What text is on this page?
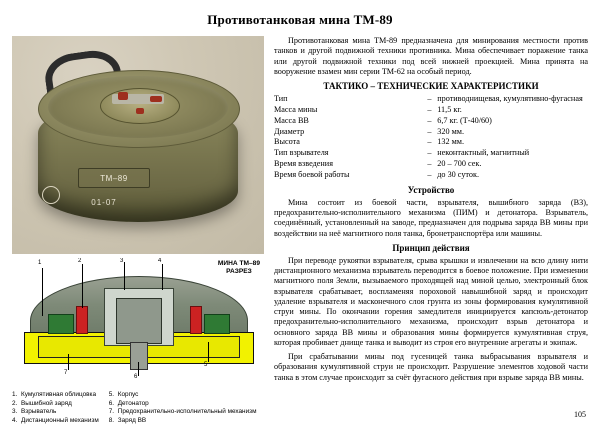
Противотанковая мина ТМ-89
ТМ–89
01-07
МИНА ТМ–89
РАЗРЕЗ
1	2	3	4
5
6
7
1. Кумулятивная облицовка
2. Вышибной заряд
3. Взрыватель
4. Дистанционный механизм
5. Корпус
6. Детонатор
7. Предохранительно-исполнительный механизм
8. Заряд ВВ

Противотанковая мина ТМ-89 предназначена для минирования местности против танков и другой подвижной техники противника. Мина обеспечивает поражение танка или другой подвижной техники под всей нижней проекцией. Мина принята на вооружение взамен мин серии ТМ-62 на особый период.

ТАКТИКО – ТЕХНИЧЕСКИЕ ХАРАКТЕРИСТИКИ
Тип	–	противоднищевая, кумулятивно-фугасная
Масса мины	–	11,5 кг.
Масса ВВ	–	6,7 кг. (Т-40/60)
Диаметр	–	320 мм.
Высота	–	132 мм.
Тип взрывателя	–	неконтактный, магнитный
Время взведения	–	20 – 700 сек.
Время боевой работы	–	до 30 суток.
Устройство

Мина состоит из боевой части, взрывателя, вышибного заряда (ВЗ), предохранительно-исполнительного механизма (ПИМ) и детонатора. Взрыватель, соединённый, установленный на заводе, предназначен для подрыва заряда ВВ мины при воздействии на неё магнитного поля танка, бронетранспортёра или машины.

Принцип действия

При переводе рукоятки взрывателя, срыва крышки и извлечении на всю длину нити дистанционного механизма взрыватель переводится в боевое положение. При изменении магнитного поля Земли, вызываемого проходящей над миной целью, электронный блок взрывателя срабатывает, воспламеняя пороховой навышибной заряд и происходит удаление взрывателя и масконечного слоя грунта из зоны формирования кумулятивной струи мины. По окончании горения замедлителя инициируется капсюль-детонатор предохранительно-исполнительного механизма, происходит взрыв детонатора и основного заряда ВВ мины и образования мины формируется кумулятивная струя, которая пробивает днище танка и выводит из строя его внутренние агрегаты и экипаж.

При срабатывании мины под гусеницей танка выбрасывания взрывателя и образования кумулятивной струи не происходит. Разрушение элементов ходовой части танка в этом случае происходит за счёт фугасного действия при взрыве заряда ВВ мины.

105
